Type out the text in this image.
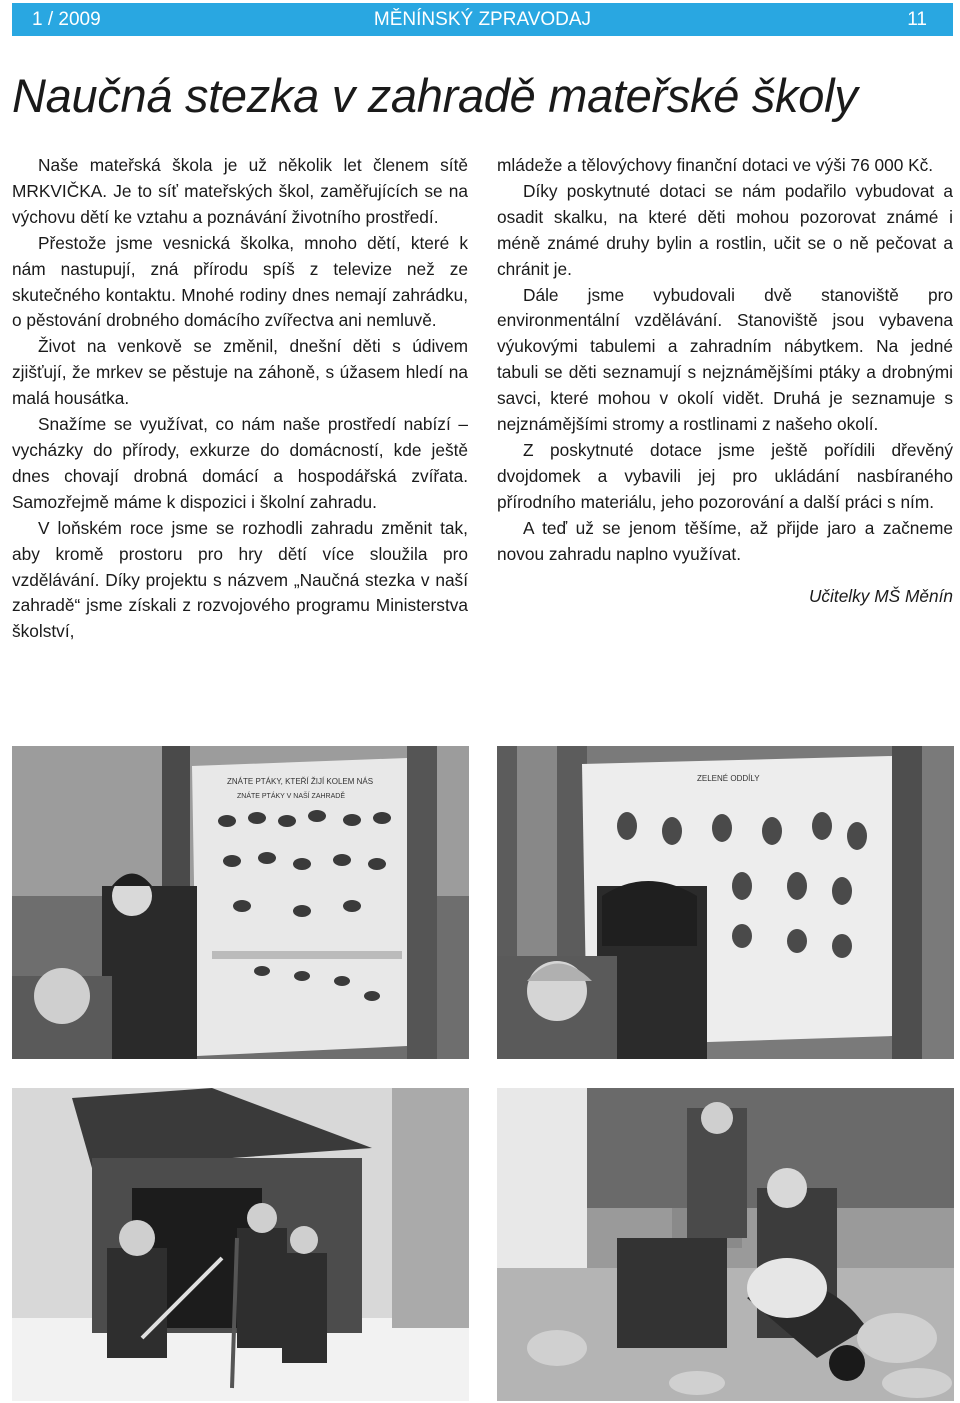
1 / 2009	MĚNÍNSKÝ ZPRAVODAJ	11
Naučná stezka v zahradě mateřské školy

Naše mateřská škola je už několik let členem sítě MRKVIČKA. Je to síť mateřských škol, zaměřujících se na výchovu dětí ke vztahu a poznávání životního prostředí.

Přestože jsme vesnická školka, mnoho dětí, které k nám nastupují, zná přírodu spíš z televize než ze skutečného kontaktu. Mnohé rodiny dnes nemají zahrádku, o pěstování drobného domácího zvířectva ani nemluvě.

Život na venkově se změnil, dnešní děti s údivem zjišťují, že mrkev se pěstuje na záhoně, s úžasem hledí na malá housátka.

Snažíme se využívat, co nám naše prostředí nabízí – vycházky do přírody, exkurze do domácností, kde ještě dnes chovají drobná domácí a hospodářská zvířata. Samozřejmě máme k dispozici i školní zahradu.

V loňském roce jsme se rozhodli zahradu změnit tak, aby kromě prostoru pro hry dětí více sloužila pro vzdělávání. Díky projektu s názvem „Naučná stezka v naší zahradě“ jsme získali z rozvojového programu Ministerstva školství,

mládeže a tělovýchovy finanční dotaci ve výši 76 000 Kč.

Díky poskytnuté dotaci se nám podařilo vybudovat a osadit skalku, na které děti mohou pozorovat známé i méně známé druhy bylin a rostlin, učit se o ně pečovat a chránit je.

Dále jsme vybudovali dvě stanoviště pro environmentální vzdělávání. Stanoviště jsou vybavena výukovými tabulemi a zahradním nábytkem. Na jedné tabuli se děti seznamují s nejznámějšími ptáky a drobnými savci, které mohou v okolí vidět. Druhá je seznamuje s nejznámějšími stromy a rostlinami z našeho okolí.

Z poskytnuté dotace jsme ještě pořídili dřevěný dvojdomek a vybavili jej pro ukládání nasbíraného přírodního materiálu, jeho pozorování a další práci s ním.

A teď už se jenom těšíme, až přijde jaro a začneme novou zahradu naplno využívat.

Učitelky MŠ Měnín

ZNÁTE PTÁKY, KTEŘÍ ŽIJÍ KOLEM NÁS
ZNÁTE PTÁKY V NAŠÍ ZAHRADĚ
ZELENÉ ODDÍLY
